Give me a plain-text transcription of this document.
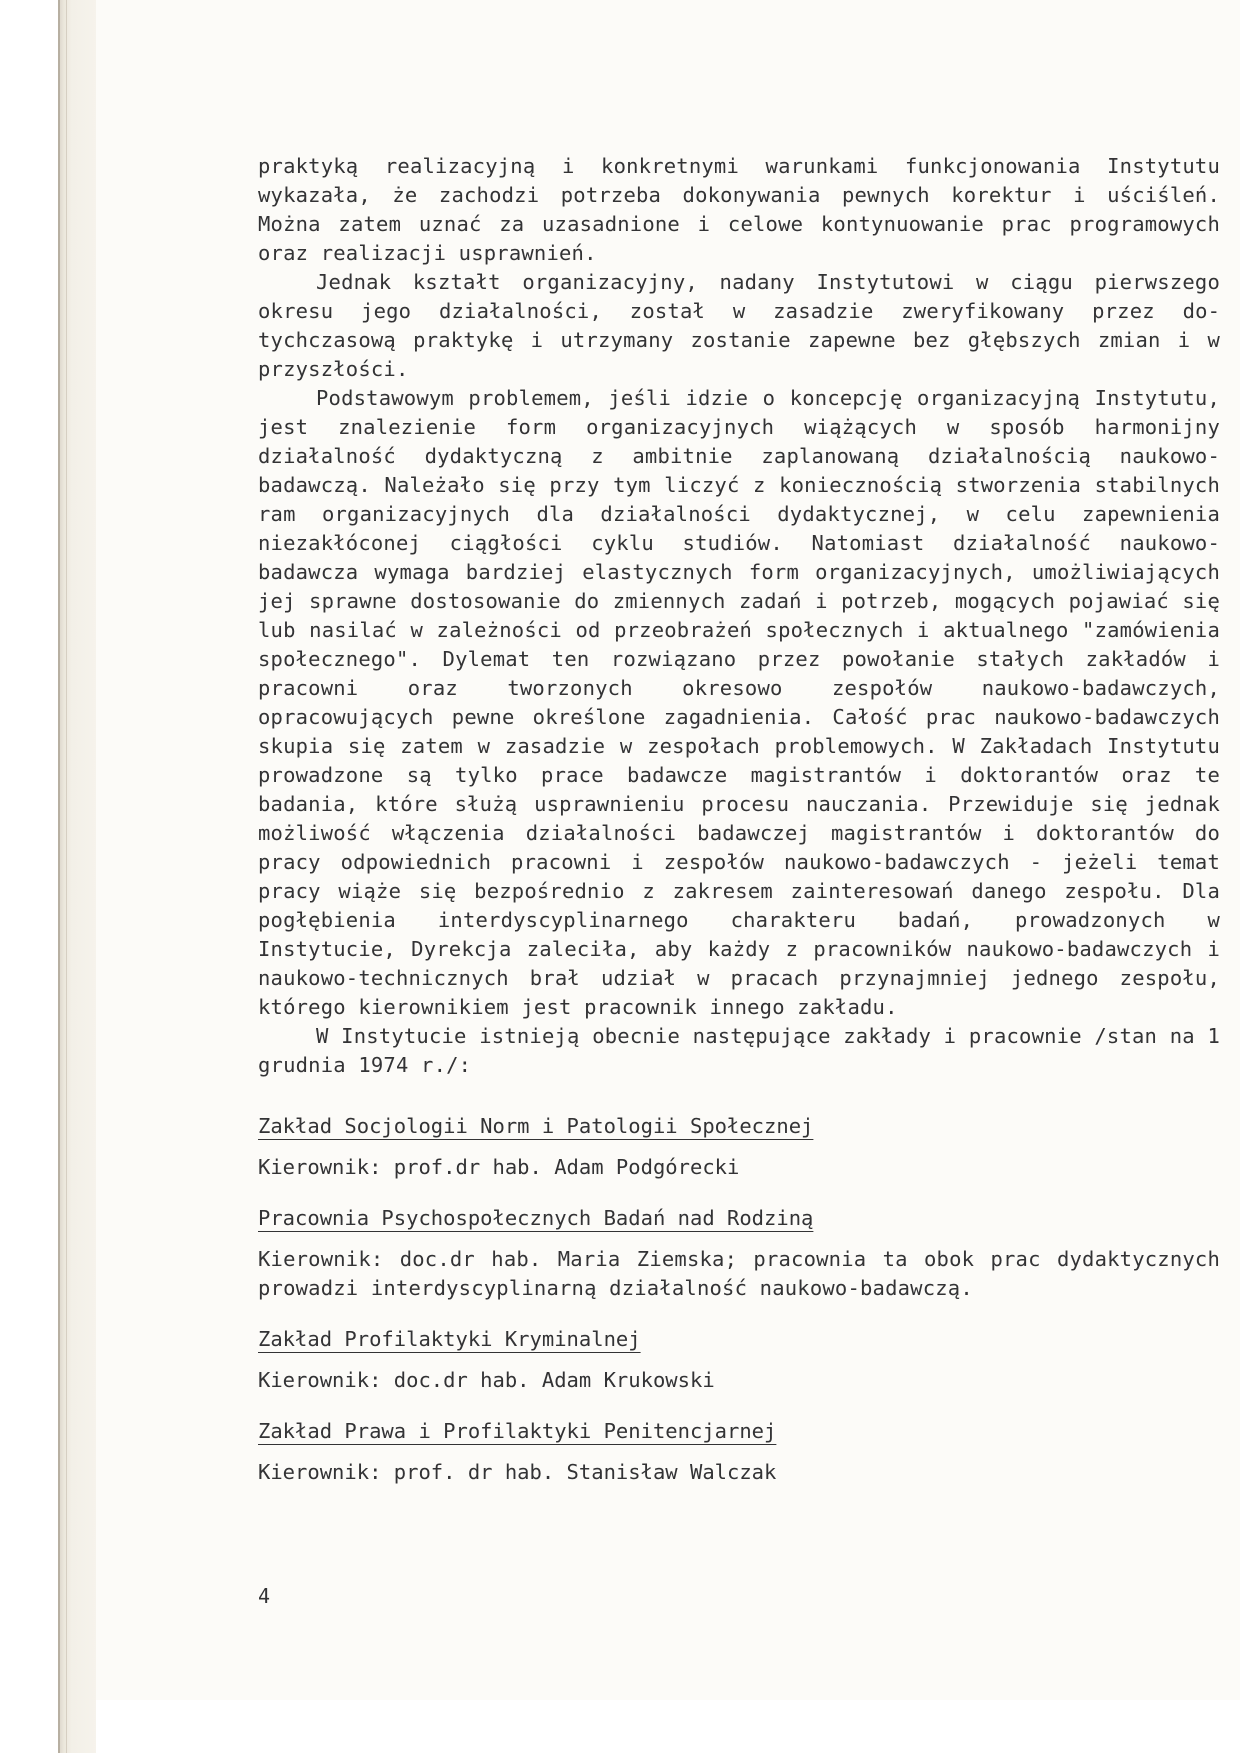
praktyką realizacyjną i konkretnymi warunkami funkcjonowania Instytutu wykazała, że zachodzi potrzeba dokonywania pewnych korektur i uściśleń. Można zatem uznać za uzasadnione i celowe kontynuowanie prac programowych oraz realizacji usprawnień.

Jednak kształt organizacyjny, nadany Instytutowi w ciągu pierwszego okresu jego działalności, został w zasadzie zweryfikowany przez dotychczasową praktykę i utrzymany zostanie zapewne bez głębszych zmian i w przyszłości.

Podstawowym problemem, jeśli idzie o koncepcję organizacyjną Instytutu, jest znalezienie form organizacyjnych wiążących w sposób harmonijny działalność dydaktyczną z ambitnie zaplanowaną działalnością naukowo-badawczą. Należało się przy tym liczyć z koniecznością stworzenia stabilnych ram organizacyjnych dla działalności dydaktycznej, w celu zapewnienia niezakłóconej ciągłości cyklu studiów. Natomiast działalność naukowo-badawcza wymaga bardziej elastycznych form organizacyjnych, umożliwiających jej sprawne dostosowanie do zmiennych zadań i potrzeb, mogących pojawiać się lub nasilać w zależności od przeobrażeń społecznych i aktualnego "zamówienia społecznego". Dylemat ten rozwiązano przez powołanie stałych zakładów i pracowni oraz tworzonych okresowo zespołów naukowo-badawczych, opracowujących pewne określone zagadnienia. Całość prac naukowo-badawczych skupia się zatem w zasadzie w zespołach problemowych. W Zakładach Instytutu prowadzone są tylko prace badawcze magistrantów i doktorantów oraz te badania, które służą usprawnieniu procesu nauczania. Przewiduje się jednak możliwość włączenia działalności badawczej magistrantów i doktorantów do pracy odpowiednich pracowni i zespołów naukowo-badawczych - jeżeli temat pracy wiąże się bezpośrednio z zakresem zainteresowań danego zespołu. Dla pogłębienia interdyscyplinarnego charakteru badań, prowadzonych w Instytucie, Dyrekcja zaleciła, aby każdy z pracowników naukowo-badawczych i naukowo-technicznych brał udział w pracach przynajmniej jednego zespołu, którego kierownikiem jest pracownik innego zakładu.

W Instytucie istnieją obecnie następujące zakłady i pracownie /stan na 1 grudnia 1974 r./:

Zakład Socjologii Norm i Patologii Społecznej

Kierownik: prof.dr hab. Adam Podgórecki

Pracownia Psychospołecznych Badań nad Rodziną

Kierownik: doc.dr hab. Maria Ziemska; pracownia ta obok prac dydaktycznych prowadzi interdyscyplinarną działalność naukowo-badawczą.

Zakład Profilaktyki Kryminalnej

Kierownik: doc.dr hab. Adam Krukowski

Zakład Prawa i Profilaktyki Penitencjarnej

Kierownik: prof. dr hab. Stanisław Walczak

4
